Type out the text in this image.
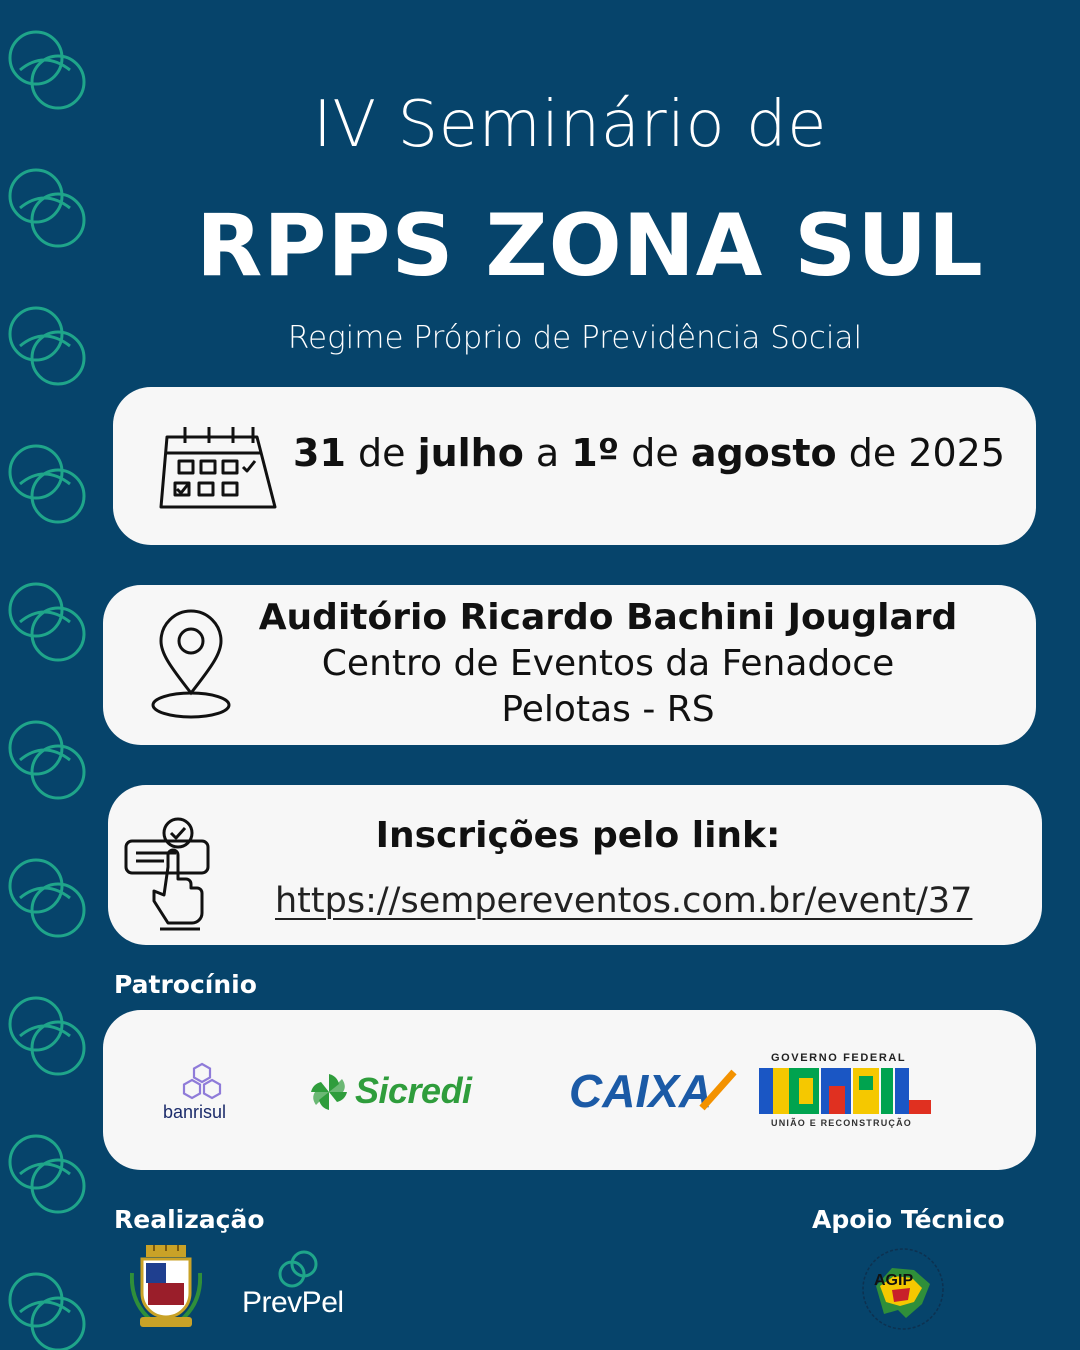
IV Seminário de
RPPS ZONA SUL
Regime Próprio de Previdência Social
31 de julho a 1º de agosto de 2025
Auditório Ricardo Bachini Jouglard
Centro de Eventos da Fenadoce
Pelotas - RS
Inscrições pelo link:
https://sempereventos.com.br/event/37
Patrocínio
banrisul
Sicredi CAIXA
GOVERNO FEDERAL
UNIÃO E RECONSTRUÇÃO
Realização
PrevPel
Apoio Técnico
AGIP
